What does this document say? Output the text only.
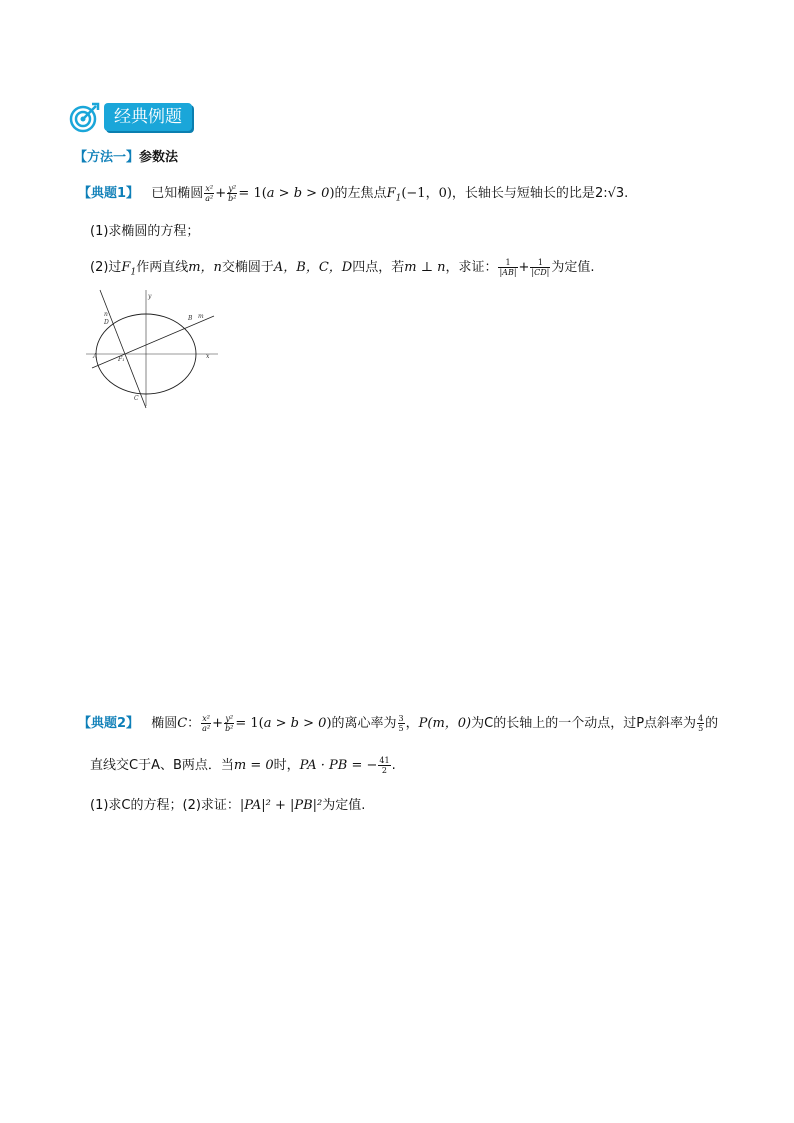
经典例题
【方法一】参数法
【典题1】 已知椭圆 $\frac{\text{x²}}{\text{a²}} + \frac{\text{y²}}{\text{b²}} = 1(a > b > 0)$的左焦点$F_1(-1$，0)，长轴长与短轴长的比是2:√3.
(1)求椭圆的方程；
(2)过$F_1$作两直线m，n交椭圆于A，B，C，D四点，若m ⊥ n，求证： $\frac{1}{|AB|} + \frac{1}{|CD|}$ 为定值.
A
B
C
D
F₁
m
n
x
y
【典题2】 椭圆C： $\frac{\text{x²}}{\text{a²}} + \frac{\text{y²}}{\text{b²}} = 1(a > b > 0)$的离心率为 $\frac{3}{5}$ ，P(m，0)为C的长轴上的一个动点，过P点斜率为 $\frac{4}{5}$ 的
直线交C于A、B两点．当m = 0时，PA · PB = − $\frac{41}{2}$ .
(1)求C的方程；(2)求证：|PA|² + |PB|²为定值.
